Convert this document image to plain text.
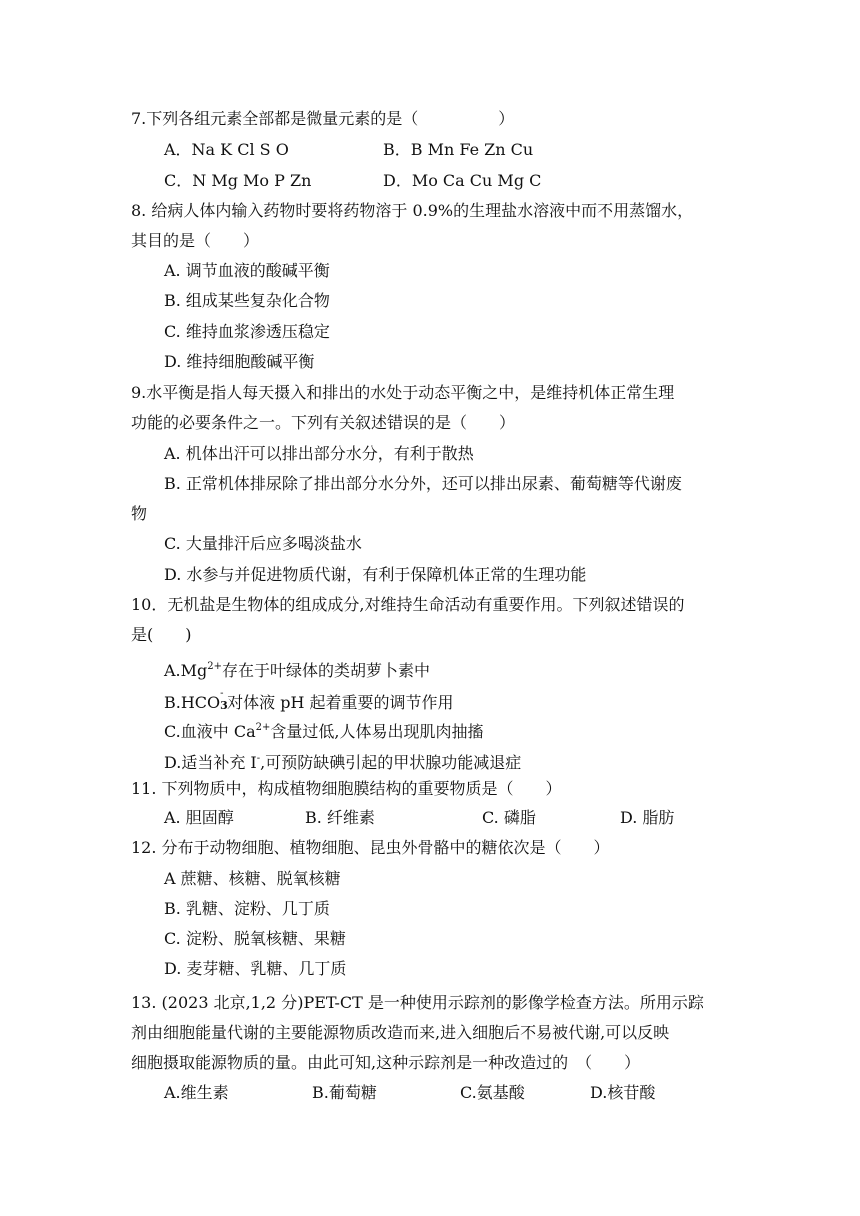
7.下列各组元素全部都是微量元素的是（　　　　　）
A．Na K Cl S O	B．B Mn Fe Zn Cu
C．N Mg Mo P Zn	D．Mo Ca Cu Mg C
8. 给病人体内输入药物时要将药物溶于 0.9%的生理盐水溶液中而不用蒸馏水，
其目的是（　　）
A. 调节血液的酸碱平衡
B. 组成某些复杂化合物
C. 维持血浆渗透压稳定
D. 维持细胞酸碱平衡
9.水平衡是指人每天摄入和排出的水处于动态平衡之中，是维持机体正常生理
功能的必要条件之一。下列有关叙述错误的是（　　）
A. 机体出汗可以排出部分水分，有利于散热
B. 正常机体排尿除了排出部分水分外，还可以排出尿素、葡萄糖等代谢废
物
C. 大量排汗后应多喝淡盐水
D. 水参与并促进物质代谢，有利于保障机体正常的生理功能
10．无机盐是生物体的组成成分,对维持生命活动有重要作用。下列叙述错误的
是(　　)
$A.Mg^{2+}$存在于叶绿体的类胡萝卜素中
B.HCO -
3 对体液 pH 起着重要的调节作用
C.血液中 $Ca^{2+}$含量过低,人体易出现肌肉抽搐
D.适当补充 I-,可预防缺碘引起的甲状腺功能减退症
11. 下列物质中，构成植物细胞膜结构的重要物质是（　　）
A. 胆固醇	B. 纤维素	C. 磷脂	D. 脂肪
12. 分布于动物细胞、植物细胞、昆虫外骨骼中的糖依次是（　　）
A 蔗糖、核糖、脱氧核糖
B. 乳糖、淀粉、几丁质
C. 淀粉、脱氧核糖、果糖
D. 麦芽糖、乳糖、几丁质
13. (2023 北京,1,2 分)PET-CT 是一种使用示踪剂的影像学检查方法。所用示踪
剂由细胞能量代谢的主要能源物质改造而来,进入细胞后不易被代谢,可以反映
细胞摄取能源物质的量。由此可知,这种示踪剂是一种改造过的　（　　）
A.维生素	B.葡萄糖	C.氨基酸	D.核苷酸
